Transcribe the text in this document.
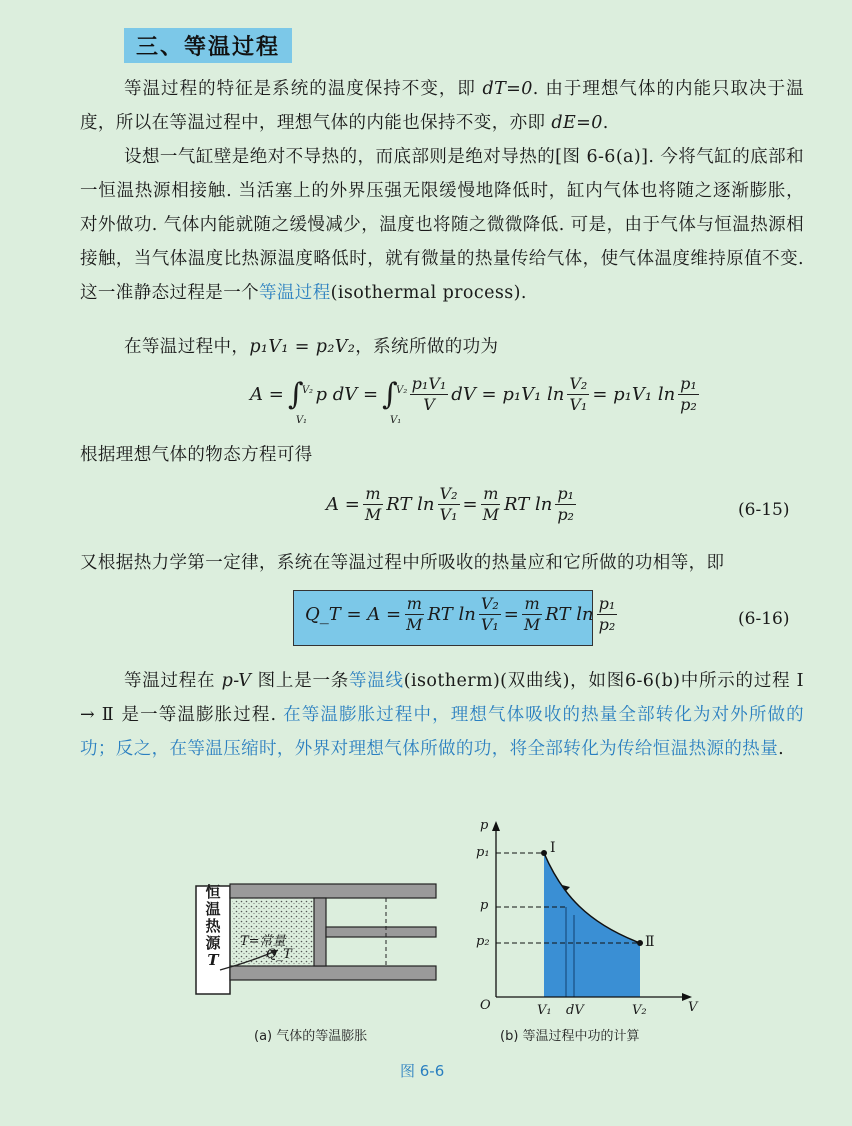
三、等温过程
等温过程的特征是系统的温度保持不变，即 dT=0. 由于理想气体的内能只取决于温度，所以在等温过程中，理想气体的内能也保持不变，亦即 dE=0.
设想一气缸壁是绝对不导热的，而底部则是绝对导热的[图 6-6(a)]. 今将气缸的底部和一恒温热源相接触. 当活塞上的外界压强无限缓慢地降低时，缸内气体也将随之逐渐膨胀，对外做功. 气体内能就随之缓慢减少，温度也将随之微微降低. 可是，由于气体与恒温热源相接触，当气体温度比热源温度略低时，就有微量的热量传给气体，使气体温度维持原值不变. 这一准静态过程是一个等温过程(isothermal process).
在等温过程中，p₁V₁ = p₂V₂，系统所做的功为
A = ∫
V₂
V₁
p dV = ∫
V₂
V₁
$\frac{\text{p₁V₁}}{V}$ dV = p₁V₁ $\ln \frac{\text{V₂}}{\text{V₁}} = p_1V_1$ $\ln \frac{\text{p₁}}{\text{p₂}}$
根据理想气体的物态方程可得
$A = \frac{m}{M}$ RT $\ln \frac{\text{V₂}}{\text{V₁}} = \frac{m}{M}$ RT $\ln \frac{\text{p₁}}{\text{p₂}}$	(6-15)
又根据热力学第一定律，系统在等温过程中所吸收的热量应和它所做的功相等，即
Q_T = $A = \frac{m}{M}$ RT $\ln \frac{\text{V₂}}{\text{V₁}} = \frac{m}{M}$ RT $\ln \frac{\text{p₁}}{\text{p₂}}$	(6-16)
等温过程在 p-V 图上是一条等温线(isotherm)(双曲线)，如图6-6(b)中所示的过程 Ⅰ → Ⅱ 是一等温膨胀过程. 在等温膨胀过程中，理想气体吸收的热量全部转化为对外所做的功；反之，在等温压缩时，外界对理想气体所做的功，将全部转化为传给恒温热源的热量.
恒
温
热
源
T
T=常量
Q_T
(a) 气体的等温膨胀
p
V
O
p₁
p
p₂
V₁ dV	V₂
Ⅰ
Ⅱ
(b) 等温过程中功的计算
图 6-6
